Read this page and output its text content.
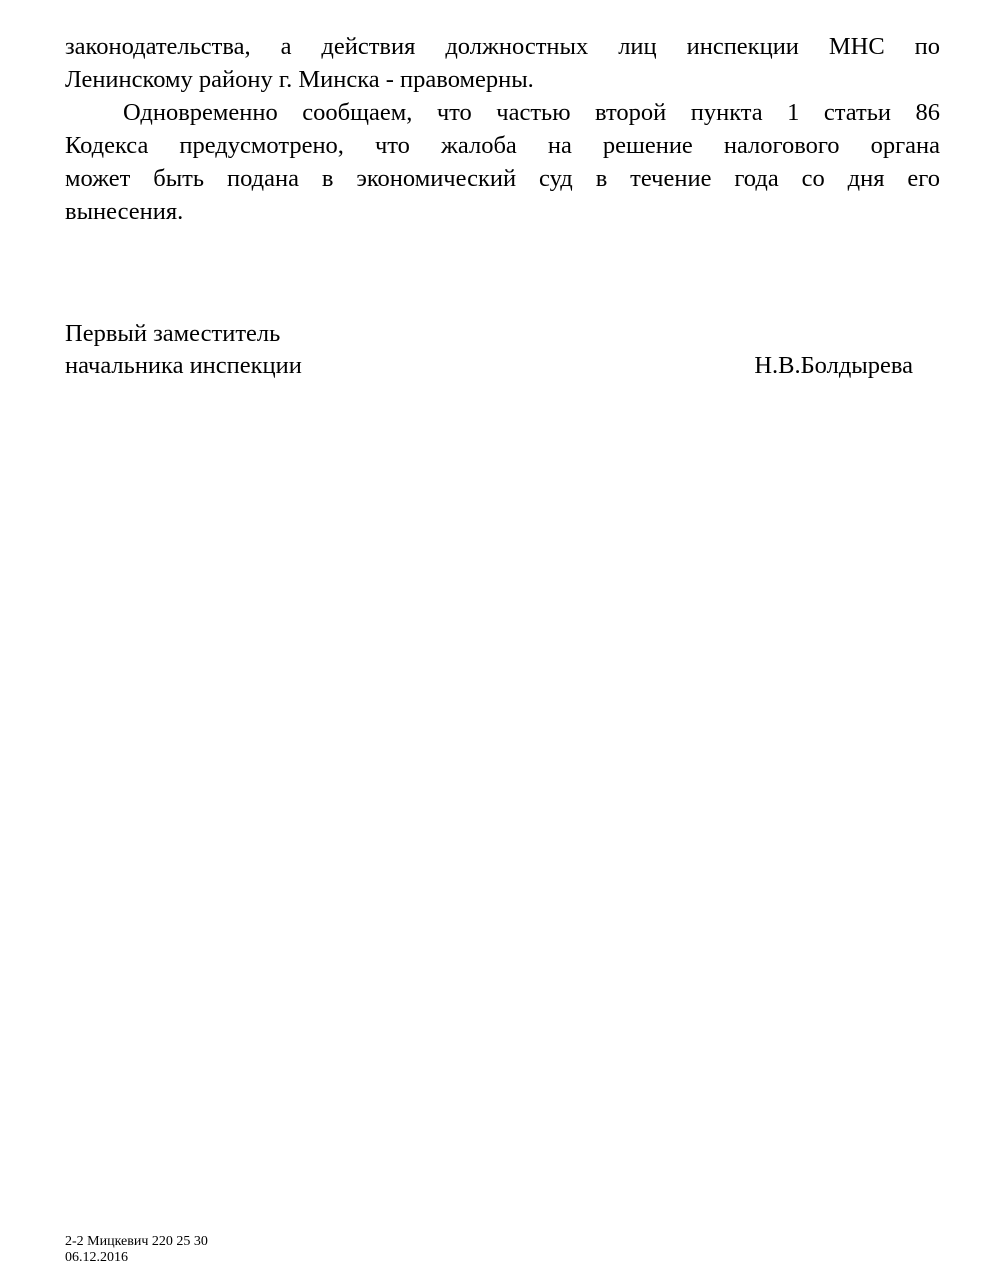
законодательства, а действия должностных лиц инспекции МНС по
Ленинскому району г. Минска - правомерны.
Одновременно сообщаем, что частью второй пункта 1 статьи 86
Кодекса предусмотрено, что жалоба на решение налогового органа
может быть подана в экономический суд в течение года со дня его
вынесения.
Первый заместитель
начальника инспекции	Н.В.Болдырева
2-2 Мицкевич 220 25 30
06.12.2016
